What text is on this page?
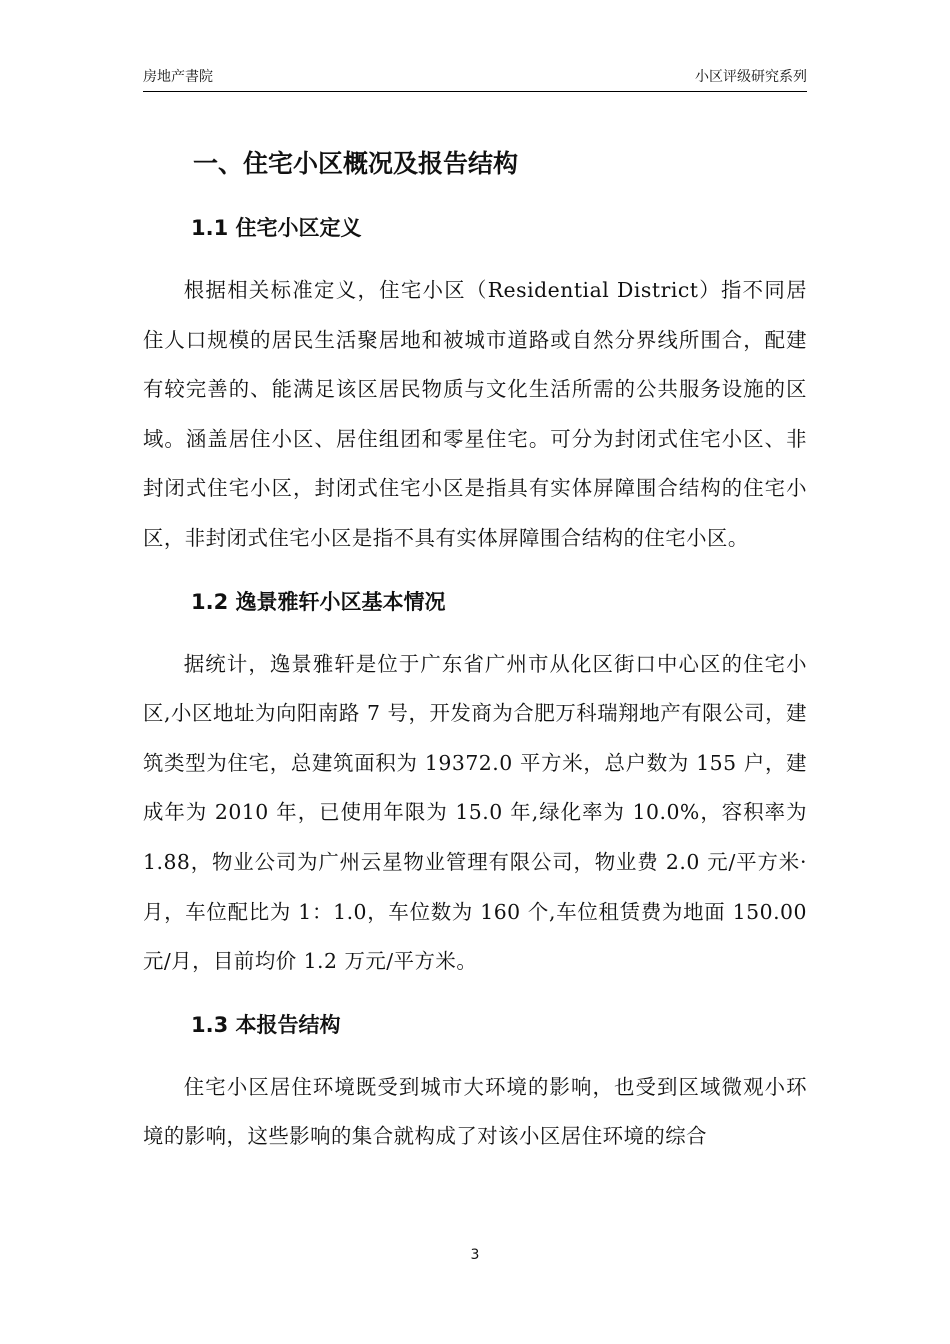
房地产書院	小区评级研究系列
一、住宅小区概况及报告结构
1.1 住宅小区定义

根据相关标准定义，住宅小区（Residential District）指不同居住人口规模的居民生活聚居地和被城市道路或自然分界线所围合，配建有较完善的、能满足该区居民物质与文化生活所需的公共服务设施的区域。涵盖居住小区、居住组团和零星住宅。可分为封闭式住宅小区、非封闭式住宅小区，封闭式住宅小区是指具有实体屏障围合结构的住宅小区，非封闭式住宅小区是指不具有实体屏障围合结构的住宅小区。

1.2 逸景雅轩小区基本情况

据统计，逸景雅轩是位于广东省广州市从化区街口中心区的住宅小区,小区地址为向阳南路 7 号，开发商为合肥万科瑞翔地产有限公司，建筑类型为住宅，总建筑面积为 19372.0 平方米，总户数为 155 户，建成年为 2010 年，已使用年限为 15.0 年,绿化率为 10.0%，容积率为 1.88，物业公司为广州云星物业管理有限公司，物业费 2.0 元/平方米·月，车位配比为 1：1.0，车位数为 160 个,车位租赁费为地面 150.00 元/月，目前均价 1.2 万元/平方米。

1.3 本报告结构

住宅小区居住环境既受到城市大环境的影响，也受到区域微观小环境的影响，这些影响的集合就构成了对该小区居住环境的综合

3
